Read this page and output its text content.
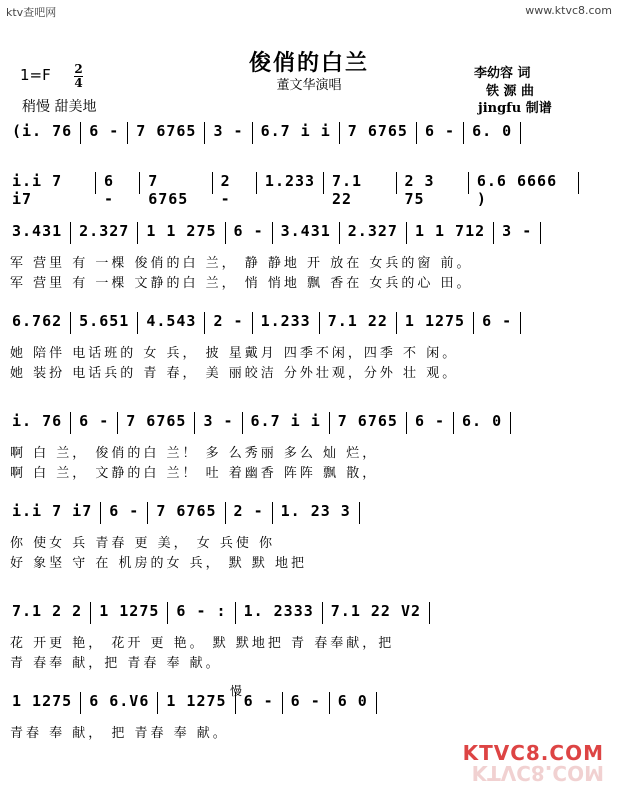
ktv查吧网	www.ktvc8.com
俊俏的白兰
董文华演唱
李幼容 词
铁 源 曲
jingfu 制谱
1=F 2
4
稍慢 甜美地
(i. 76 6 - 7 6765 3 - 6.7 i i 7 6765 6 - 6. 0
i.i 7 i7
6 -
7 6765
2 -
1.233 7.1 22
2 3 75
6.6 6666 )
3.431 2.327 1 1 275 6 - 3.431 2.327 1 1 712 3 -
军 营里 有 一棵 俊俏的白 兰， 静 静地 开 放在 女兵的窗 前。
军 营里 有 一棵 文静的白 兰， 悄 悄地 飘 香在 女兵的心 田。
6.762 5.651 4.543 2 - 1.233 7.1 22 1 1275 6 -
她 陪伴 电话班的 女 兵， 披 星戴月 四季不闲，四季 不 闲。
她 装扮 电话兵的 青 春， 美 丽皎洁 分外壮观，分外 壮 观。
i. 76 6 - 7 6765 3 - 6.7 i i 7 6765 6 - 6. 0
啊 白 兰， 俊俏的白 兰！ 多 么秀丽 多么 灿 烂，
啊 白 兰， 文静的白 兰！ 吐 着幽香 阵阵 飘 散，
i.i 7 i7 6 - 7 6765 2 - 1. 23 3
你 使女 兵 青春 更 美， 女 兵使 你
好 象坚 守 在 机房的女 兵， 默 默 地把
7.1 2 2 1 1275 6 - : 1. 2333 7.1 22 V2
花 开更 艳， 花开 更 艳。 默 默地把 青 春奉献，把
青 春奉 献，把 青春 奉 献。
1 1275 6 6.V6 1 1275 6 - 6 - 6 0
青春 奉 献， 把 青春 奉 献。
慢
KTVC8.COM
KTVC8.COM
